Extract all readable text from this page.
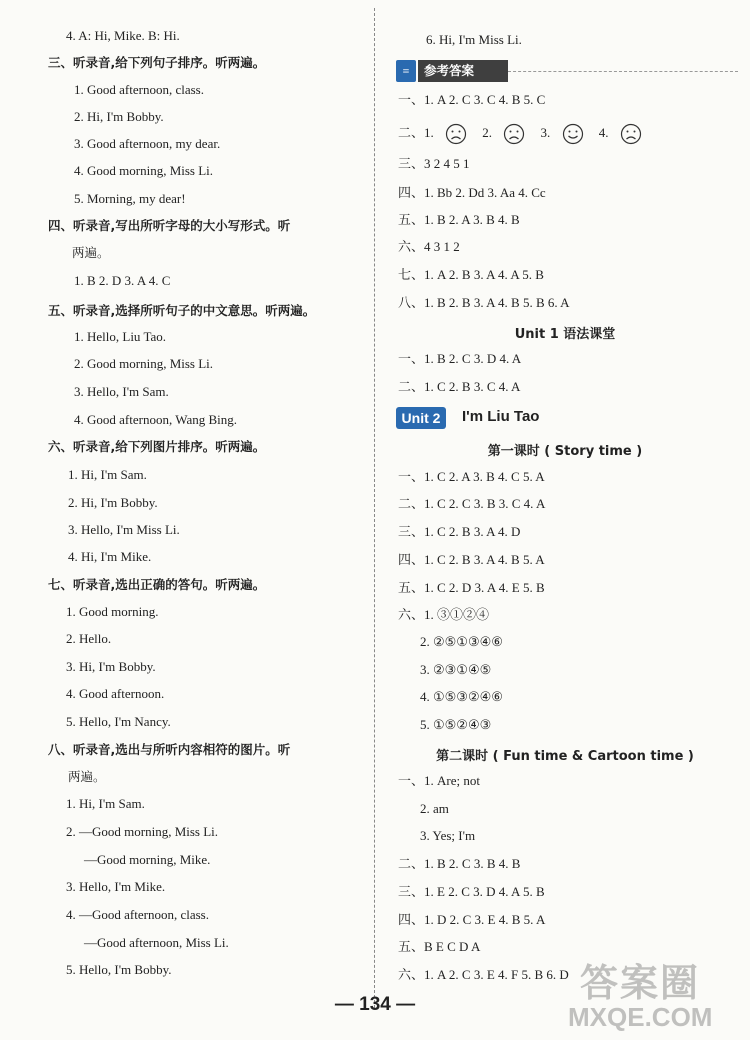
4. A: Hi, Mike. B: Hi.
三、听录音,给下列句子排序。听两遍。
1. Good afternoon, class.
2. Hi, I'm Bobby.
3. Good afternoon, my dear.
4. Good morning, Miss Li.
5. Morning, my dear!
四、听录音,写出所听字母的大小写形式。听
两遍。
1. B 2. D 3. A 4. C
五、听录音,选择所听句子的中文意思。听两遍。
1. Hello, Liu Tao.
2. Good morning, Miss Li.
3. Hello, I'm Sam.
4. Good afternoon, Wang Bing.
六、听录音,给下列图片排序。听两遍。
1. Hi, I'm Sam.
2. Hi, I'm Bobby.
3. Hello, I'm Miss Li.
4. Hi, I'm Mike.
七、听录音,选出正确的答句。听两遍。
1. Good morning.
2. Hello.
3. Hi, I'm Bobby.
4. Good afternoon.
5. Hello, I'm Nancy.
八、听录音,选出与所听内容相符的图片。听
两遍。
1. Hi, I'm Sam.
2. —Good morning, Miss Li.
—Good morning, Mike.
3. Hello, I'm Mike.
4. —Good afternoon, class.
—Good afternoon, Miss Li.
5. Hello, I'm Bobby.
6. Hi, I'm Miss Li.
≡	参考答案
一、1. A 2. C 3. C 4. B 5. C
二、1.	2.	3.	4.
三、3 2 4 5 1
四、1. Bb 2. Dd 3. Aa 4. Cc
五、1. B 2. A 3. B 4. B
六、4 3 1 2
七、1. A 2. B 3. A 4. A 5. B
八、1. B 2. B 3. A 4. B 5. B 6. A
Unit 1 语法课堂
一、1. B 2. C 3. D 4. A
二、1. C 2. B 3. C 4. A
Unit 2	I'm Liu Tao
第一课时 ( Story time )
一、1. C 2. A 3. B 4. C 5. A
二、1. C 2. C 3. B 3. C 4. A
三、1. C 2. B 3. A 4. D
四、1. C 2. B 3. A 4. B 5. A
五、1. C 2. D 3. A 4. E 5. B
六、1. ③①②④
2. ②⑤①③④⑥
3. ②③①④⑤
4. ①⑤③②④⑥
5. ①⑤②④③
第二课时 ( Fun time & Cartoon time )
一、1. Are; not
2. am
3. Yes; I'm
二、1. B 2. C 3. B 4. B
三、1. E 2. C 3. D 4. A 5. B
四、1. D 2. C 3. E 4. B 5. A
五、B E C D A
六、1. A 2. C 3. E 4. F 5. B 6. D 答案圈
MXQE.COM
— 134 —
